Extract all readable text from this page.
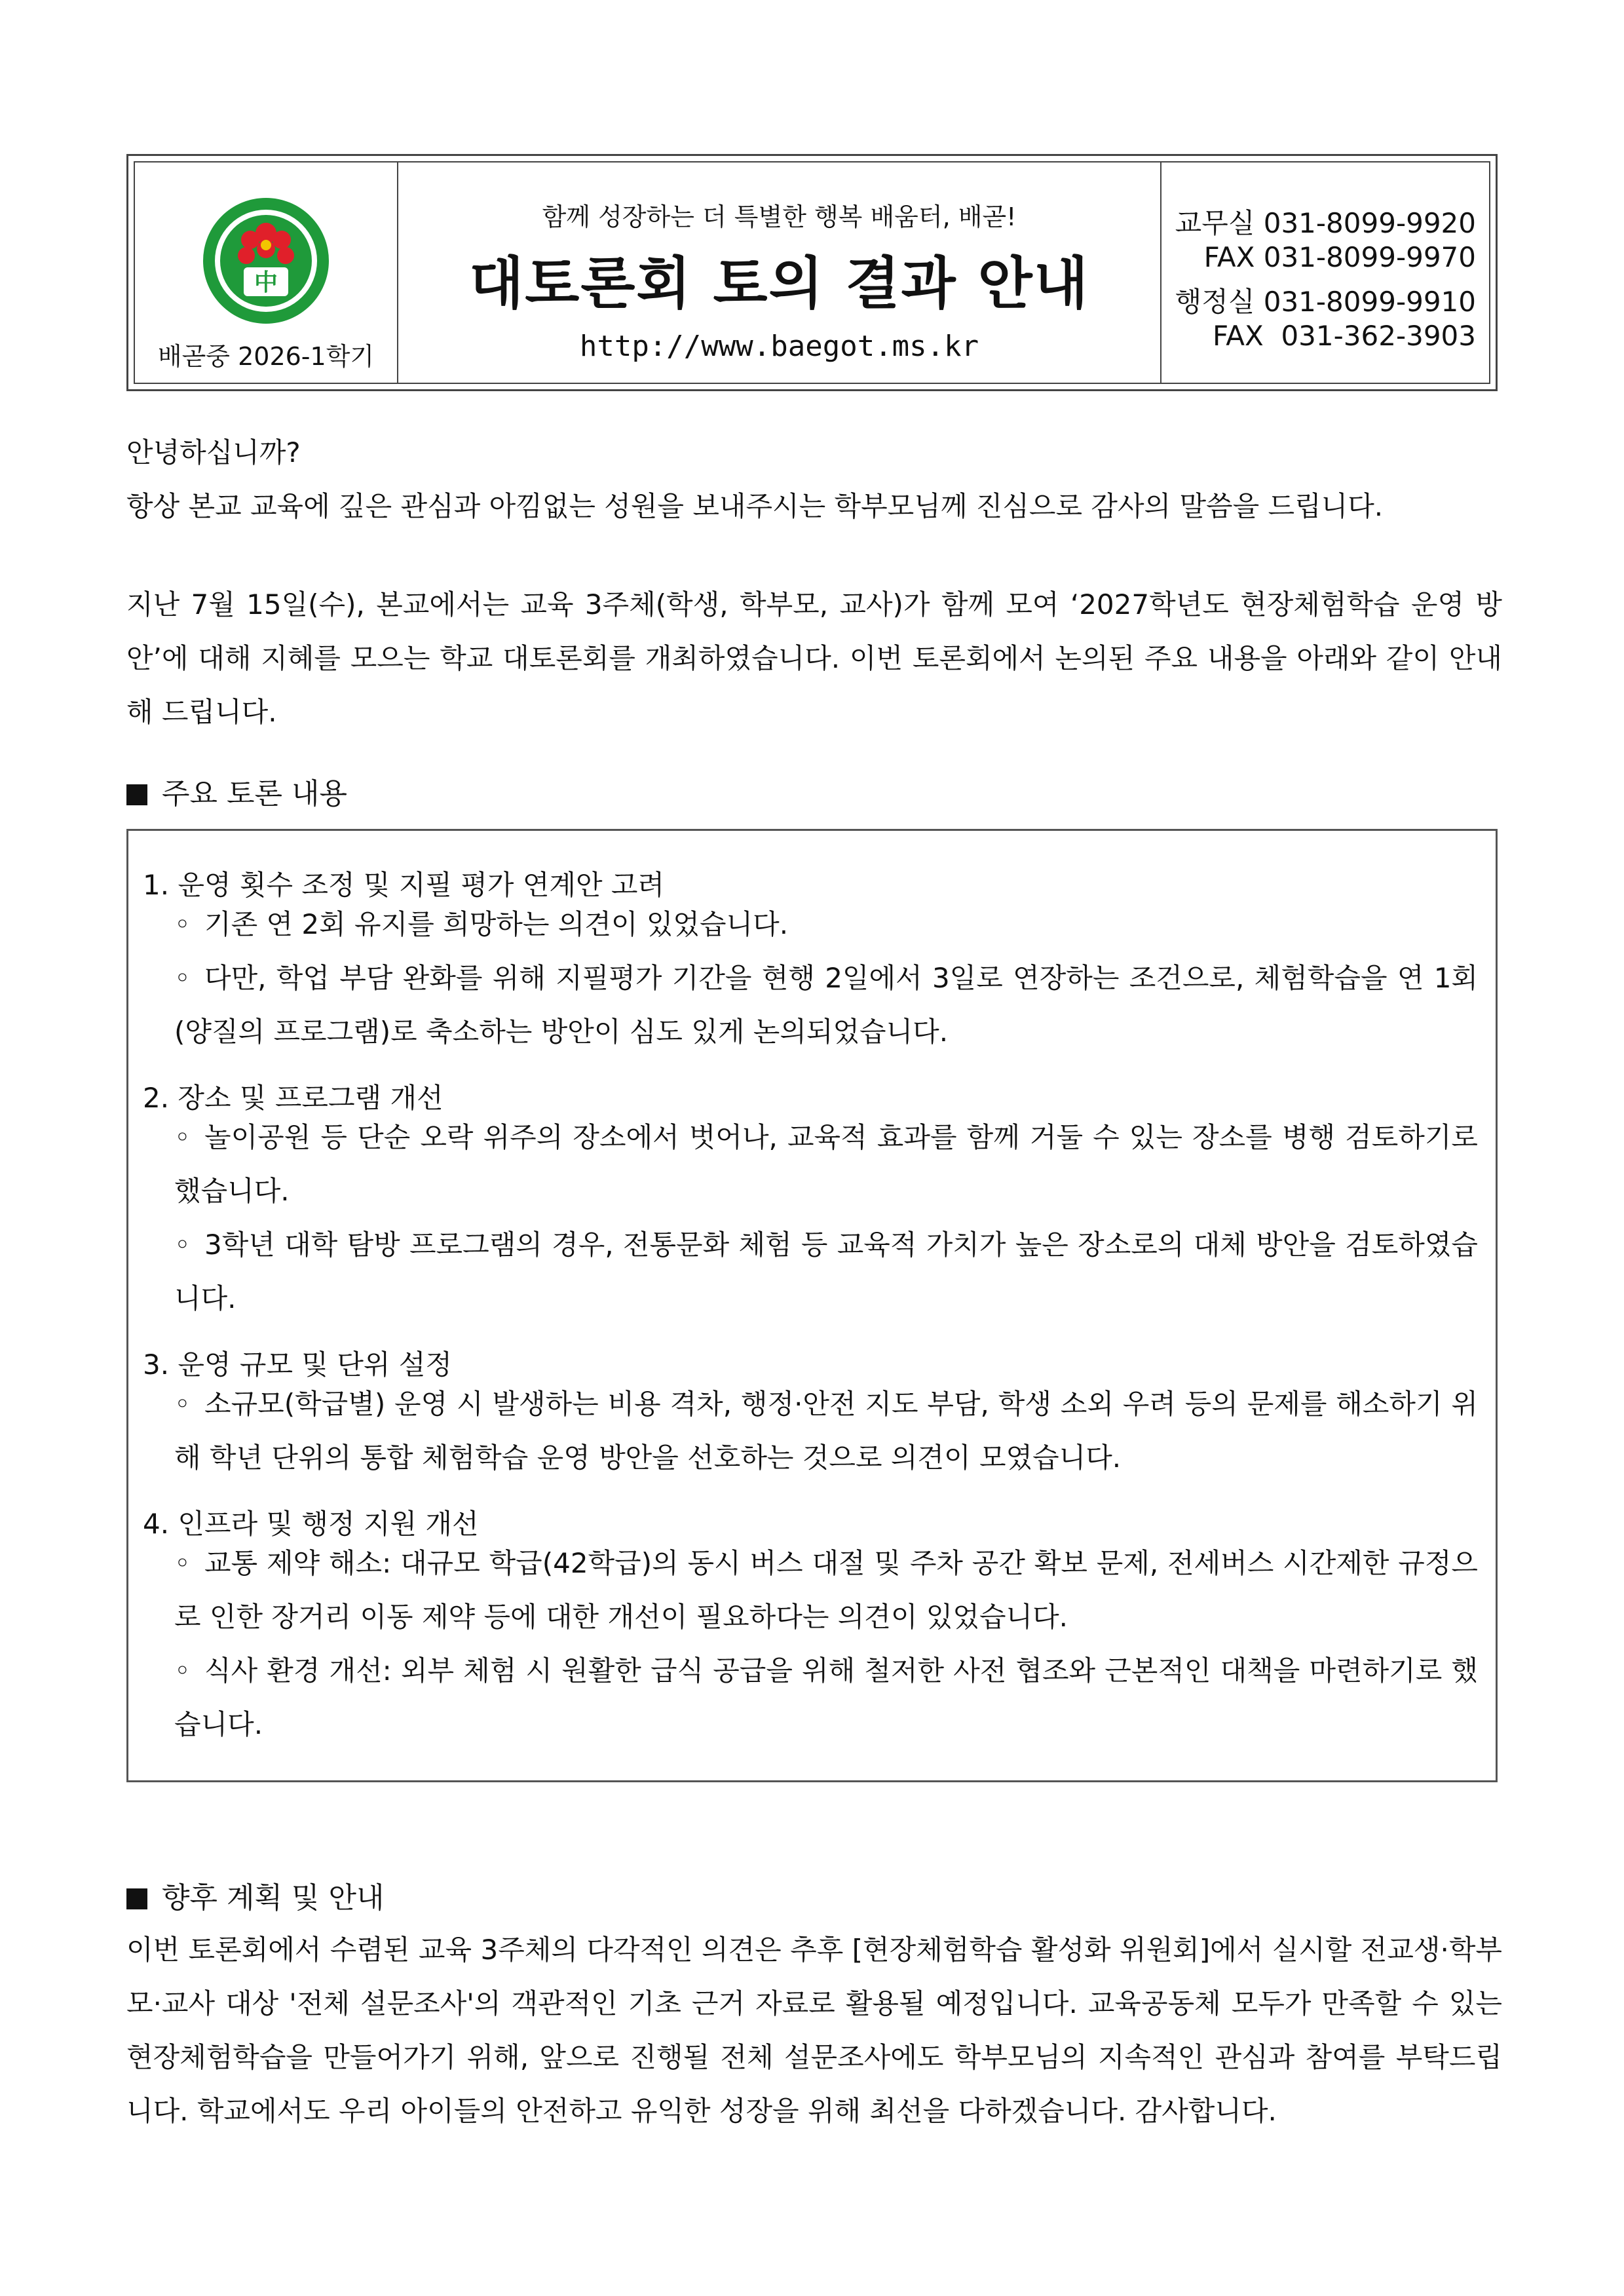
中
배곧중 2026-1학기
함께 성장하는 더 특별한 행복 배움터, 배곧!
대토론회 토의 결과 안내
http://www.baegot.ms.kr
교무실 031-8099-9920
FAX 031-8099-9970
행정실 031-8099-9910
FAX  031-362-3903
안녕하십니까?
항상 본교 교육에 깊은 관심과 아낌없는 성원을 보내주시는 학부모님께 진심으로 감사의 말씀을 드립니다.
지난 7월 15일(수), 본교에서는 교육 3주체(학생, 학부모, 교사)가 함께 모여 ‘2027학년도 현장체험학습 운영 방안’에 대해 지혜를 모으는 학교 대토론회를 개최하였습니다. 이번 토론회에서 논의된 주요 내용을 아래와 같이 안내해 드립니다.
주요 토론 내용
1. 운영 횟수 조정 및 지필 평가 연계안 고려
◦ 기존 연 2회 유지를 희망하는 의견이 있었습니다.
◦ 다만, 학업 부담 완화를 위해 지필평가 기간을 현행 2일에서 3일로 연장하는 조건으로, 체험학습을 연 1회(양질의 프로그램)로 축소하는 방안이 심도 있게 논의되었습니다.
2. 장소 및 프로그램 개선
◦ 놀이공원 등 단순 오락 위주의 장소에서 벗어나, 교육적 효과를 함께 거둘 수 있는 장소를 병행 검토하기로 했습니다.
◦ 3학년 대학 탐방 프로그램의 경우, 전통문화 체험 등 교육적 가치가 높은 장소로의 대체 방안을 검토하였습니다.
3. 운영 규모 및 단위 설정
◦ 소규모(학급별) 운영 시 발생하는 비용 격차, 행정·안전 지도 부담, 학생 소외 우려 등의 문제를 해소하기 위해 학년 단위의 통합 체험학습 운영 방안을 선호하는 것으로 의견이 모였습니다.
4. 인프라 및 행정 지원 개선
◦ 교통 제약 해소: 대규모 학급(42학급)의 동시 버스 대절 및 주차 공간 확보 문제, 전세버스 시간제한 규정으로 인한 장거리 이동 제약 등에 대한 개선이 필요하다는 의견이 있었습니다.
◦ 식사 환경 개선: 외부 체험 시 원활한 급식 공급을 위해 철저한 사전 협조와 근본적인 대책을 마련하기로 했습니다.
향후 계획 및 안내
이번 토론회에서 수렴된 교육 3주체의 다각적인 의견은 추후 [현장체험학습 활성화 위원회]에서 실시할 전교생·학부모·교사 대상 '전체 설문조사'의 객관적인 기초 근거 자료로 활용될 예정입니다. 교육공동체 모두가 만족할 수 있는 현장체험학습을 만들어가기 위해, 앞으로 진행될 전체 설문조사에도 학부모님의 지속적인 관심과 참여를 부탁드립니다. 학교에서도 우리 아이들의 안전하고 유익한 성장을 위해 최선을 다하겠습니다. 감사합니다.
